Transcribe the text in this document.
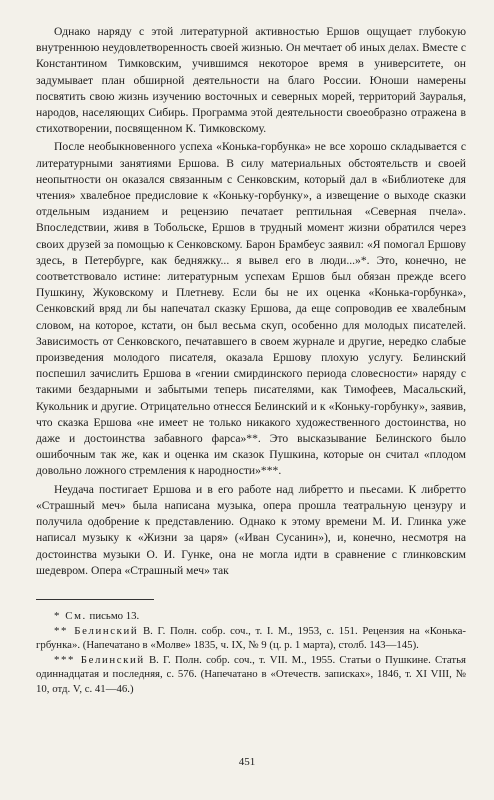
Однако наряду с этой литературной активностью Ершов ощущает глубокую внутреннюю неудовлетворенность своей жизнью. Он мечтает об иных делах. Вместе с Константином Тимковским, учившимся некоторое время в университете, он задумывает план обширной деятельности на благо России. Юноши намерены посвятить свою жизнь изучению восточных и северных морей, территорий Зауралья, народов, населяющих Сибирь. Программа этой деятельности своеобразно отражена в стихотворении, посвященном К. Тимковскому.

После необыкновенного успеха «Конька-горбунка» не все хорошо складывается с литературными занятиями Ершова. В силу материальных обстоятельств и своей неопытности он оказался связанным с Сенковским, который дал в «Библиотеке для чтения» хвалебное предисловие к «Коньку-горбунку», а извещение о выходе сказки отдельным изданием и рецензию печатает рептильная «Северная пчела». Впоследствии, живя в Тобольске, Ершов в трудный момент жизни обратился через своих друзей за помощью к Сенковскому. Барон Брамбеус заявил: «Я помогал Ершову здесь, в Петербурге, как бедняжку... я вывел его в люди...»*. Это, конечно, не соответствовало истине: литературным успехам Ершов был обязан прежде всего Пушкину, Жуковскому и Плетневу. Если бы не их оценка «Конька-горбунка», Сенковский вряд ли бы напечатал сказку Ершова, да еще сопроводив ее хвалебным словом, на которое, кстати, он был весьма скуп, особенно для молодых писателей. Зависимость от Сенковского, печатавшего в своем журнале и другие, нередко слабые произведения молодого писателя, оказала Ершову плохую услугу. Белинский поспешил зачислить Ершова в «гении смирдинского периода словесности» наряду с такими бездарными и забытыми теперь писателями, как Тимофеев, Масальский, Кукольник и другие. Отрицательно отнесся Белинский и к «Коньку-горбунку», заявив, что сказка Ершова «не имеет не только никакого художественного достоинства, но даже и достоинства забавного фарса»**. Это высказывание Белинского было ошибочным так же, как и оценка им сказок Пушкина, которые он считал «плодом довольно ложного стремления к народности»***.

Неудача постигает Ершова и в его работе над либретто и пьесами. К либретто «Страшный меч» была написана музыка, опера прошла театральную цензуру и получила одобрение к представлению. Однако к этому времени М. И. Глинка уже написал музыку к «Жизни за царя» («Иван Сусанин»), и, конечно, несмотря на достоинства музыки О. И. Гунке, она не могла идти в сравнение с глинковским шедевром. Опера «Страшный меч» так

* См. письмо 13.

** Белинский В. Г. Полн. собр. соч., т. I. М., 1953, с. 151. Рецензия на «Конька-грбунка». (Напечатано в «Молве» 1835, ч. IX, № 9 (ц. р. 1 марта), столб. 143—145).

*** Белинский В. Г. Полн. собр. соч., т. VII. М., 1955. Статьи о Пушкине. Статья одиннадцатая и последняя, с. 576. (Напечатано в «Отечеств. записках», 1846, т. XI VIII, № 10, отд. V, с. 41—46.)

451
